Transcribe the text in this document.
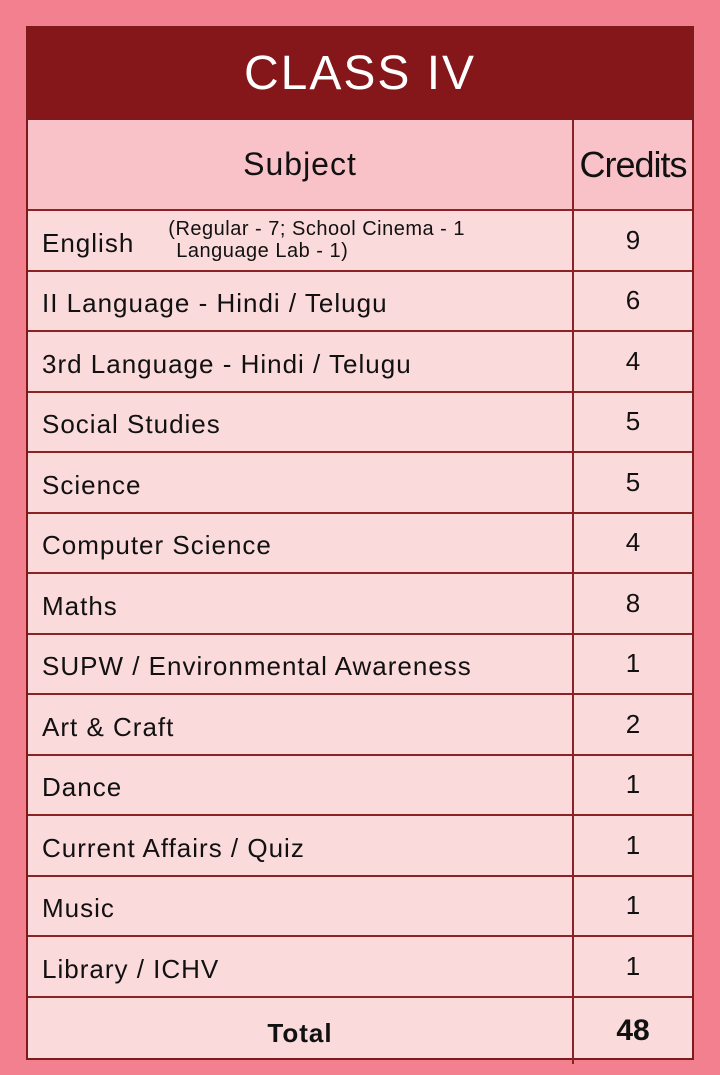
CLASS IV
Subject	Credits

English (Regular - 7; School Cinema - 1
Language Lab - 1)	9
II Language - Hindi / Telugu	6
3rd Language - Hindi / Telugu	4
Social Studies	5
Science	5
Computer Science	4
Maths	8
SUPW / Environmental Awareness	1
Art & Craft	2
Dance	1
Current Affairs / Quiz	1
Music	1
Library / ICHV	1
Total	48
